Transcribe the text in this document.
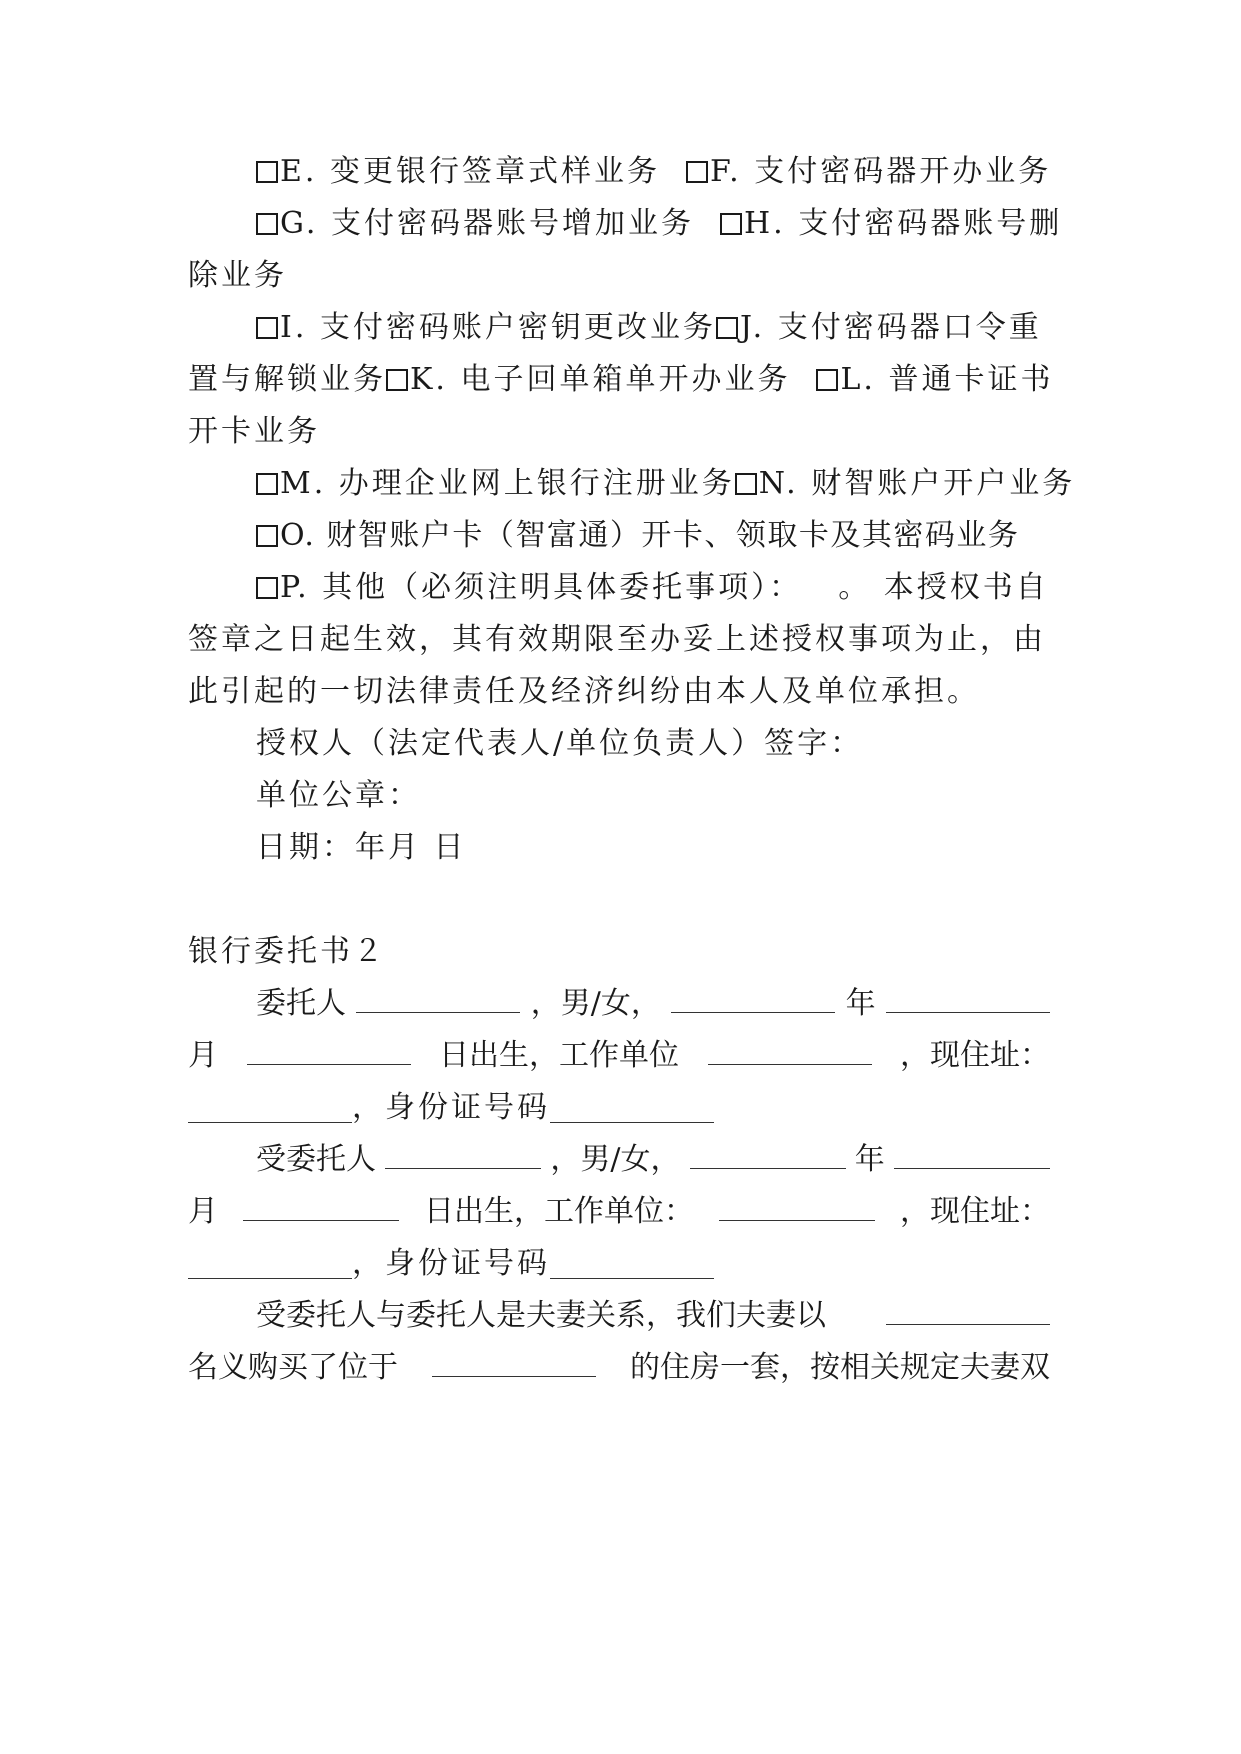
E. 变更银行签章式样业务 F. 支付密码器开办业务
G. 支付密码器账号增加业务 H. 支付密码器账号删
除业务
I. 支付密码账户密钥更改业务 J. 支付密码器口令重
置与解锁业务 K. 电子回单箱单开办业务 L. 普通卡证书
开卡业务
M. 办理企业网上银行注册业务 N. 财智账户开户业务
O. 财智账户卡（智富通）开卡、领取卡及其密码业务
P. 其他（必须注明具体委托事项）： 。 本授权书自
签章之日起生效，其有效期限至办妥上述授权事项为止，由
此引起的一切法律责任及经济纠纷由本人及单位承担。
授权人（法定代表人/单位负责人）签字：
单位公章：
日期：年月 日
银行委托书２
委托人	，男/女，	年
月	日出生，工作单位	，现住址：
，身份证号码
受委托人	，男/女，	年
月	日出生，工作单位：	，现住址：
，身份证号码
受委托人与委托人是夫妻关系，我们夫妻以
名义购买了位于	的住房一套，按相关规定夫妻双
